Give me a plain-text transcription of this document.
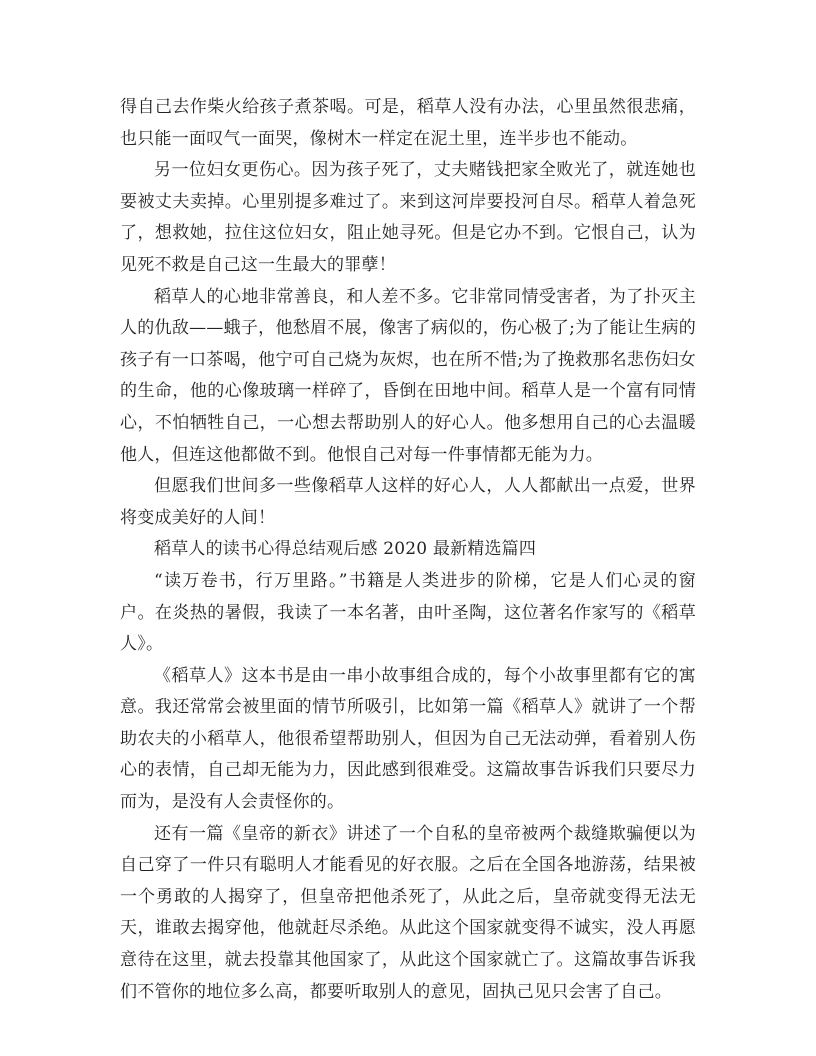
得自己去作柴火给孩子煮茶喝。可是，稻草人没有办法，心里虽然很悲痛，也只能一面叹气一面哭，像树木一样定在泥土里，连半步也不能动。

另一位妇女更伤心。因为孩子死了，丈夫赌钱把家全败光了，就连她也要被丈夫卖掉。心里别提多难过了。来到这河岸要投河自尽。稻草人着急死了，想救她，拉住这位妇女，阻止她寻死。但是它办不到。它恨自己，认为见死不救是自己这一生最大的罪孽！

稻草人的心地非常善良，和人差不多。它非常同情受害者，为了扑灭主人的仇敌——蛾子，他愁眉不展，像害了病似的，伤心极了;为了能让生病的孩子有一口茶喝，他宁可自己烧为灰烬，也在所不惜;为了挽救那名悲伤妇女的生命，他的心像玻璃一样碎了，昏倒在田地中间。稻草人是一个富有同情心，不怕牺牲自己，一心想去帮助别人的好心人。他多想用自己的心去温暖他人，但连这他都做不到。他恨自己对每一件事情都无能为力。

但愿我们世间多一些像稻草人这样的好心人，人人都献出一点爱，世界将变成美好的人间！

稻草人的读书心得总结观后感 2020 最新精选篇四

“读万卷书，行万里路。”书籍是人类进步的阶梯，它是人们心灵的窗户。在炎热的暑假，我读了一本名著，由叶圣陶，这位著名作家写的《稻草人》。

《稻草人》这本书是由一串小故事组合成的，每个小故事里都有它的寓意。我还常常会被里面的情节所吸引，比如第一篇《稻草人》就讲了一个帮助农夫的小稻草人，他很希望帮助别人，但因为自己无法动弹，看着别人伤心的表情，自己却无能为力，因此感到很难受。这篇故事告诉我们只要尽力而为，是没有人会责怪你的。

还有一篇《皇帝的新衣》讲述了一个自私的皇帝被两个裁缝欺骗便以为自己穿了一件只有聪明人才能看见的好衣服。之后在全国各地游荡，结果被一个勇敢的人揭穿了，但皇帝把他杀死了，从此之后，皇帝就变得无法无天，谁敢去揭穿他，他就赶尽杀绝。从此这个国家就变得不诚实，没人再愿意待在这里，就去投靠其他国家了，从此这个国家就亡了。这篇故事告诉我们不管你的地位多么高，都要听取别人的意见，固执己见只会害了自己。
